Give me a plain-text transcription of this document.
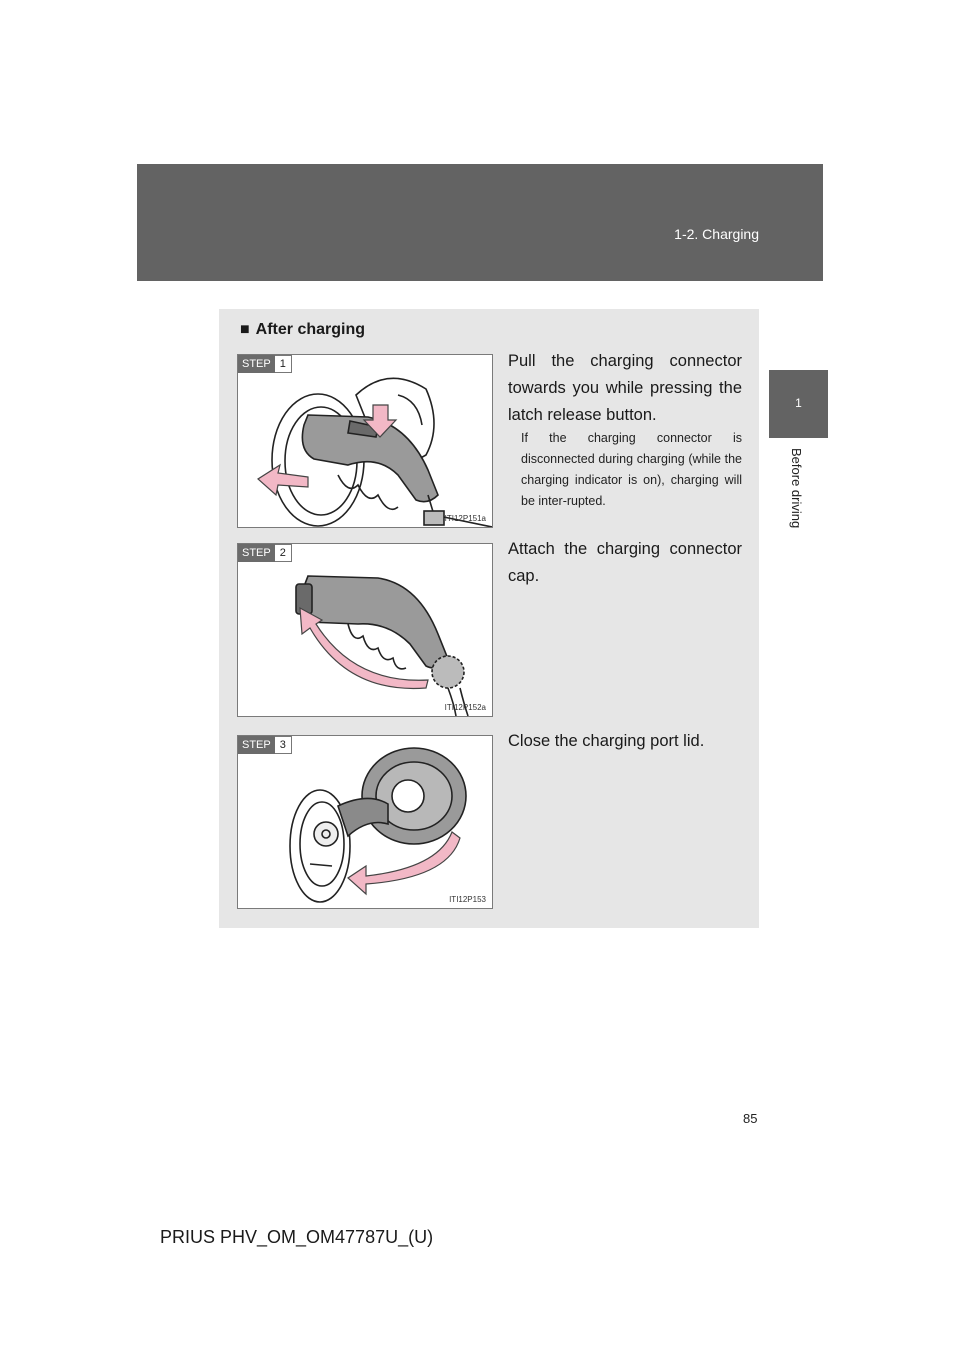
1-2. Charging
1
Before driving
■ After charging
STEP 1
ITI12P151a
Pull the charging connector towards you while pressing the latch release button.
If the charging connector is disconnected during charging (while the charging indicator is on), charging will be inter-rupted.
STEP 2
ITI12P152a
Attach the charging connector cap.
STEP 3
ITI12P153
Close the charging port lid.
85
PRIUS PHV_OM_OM47787U_(U)
